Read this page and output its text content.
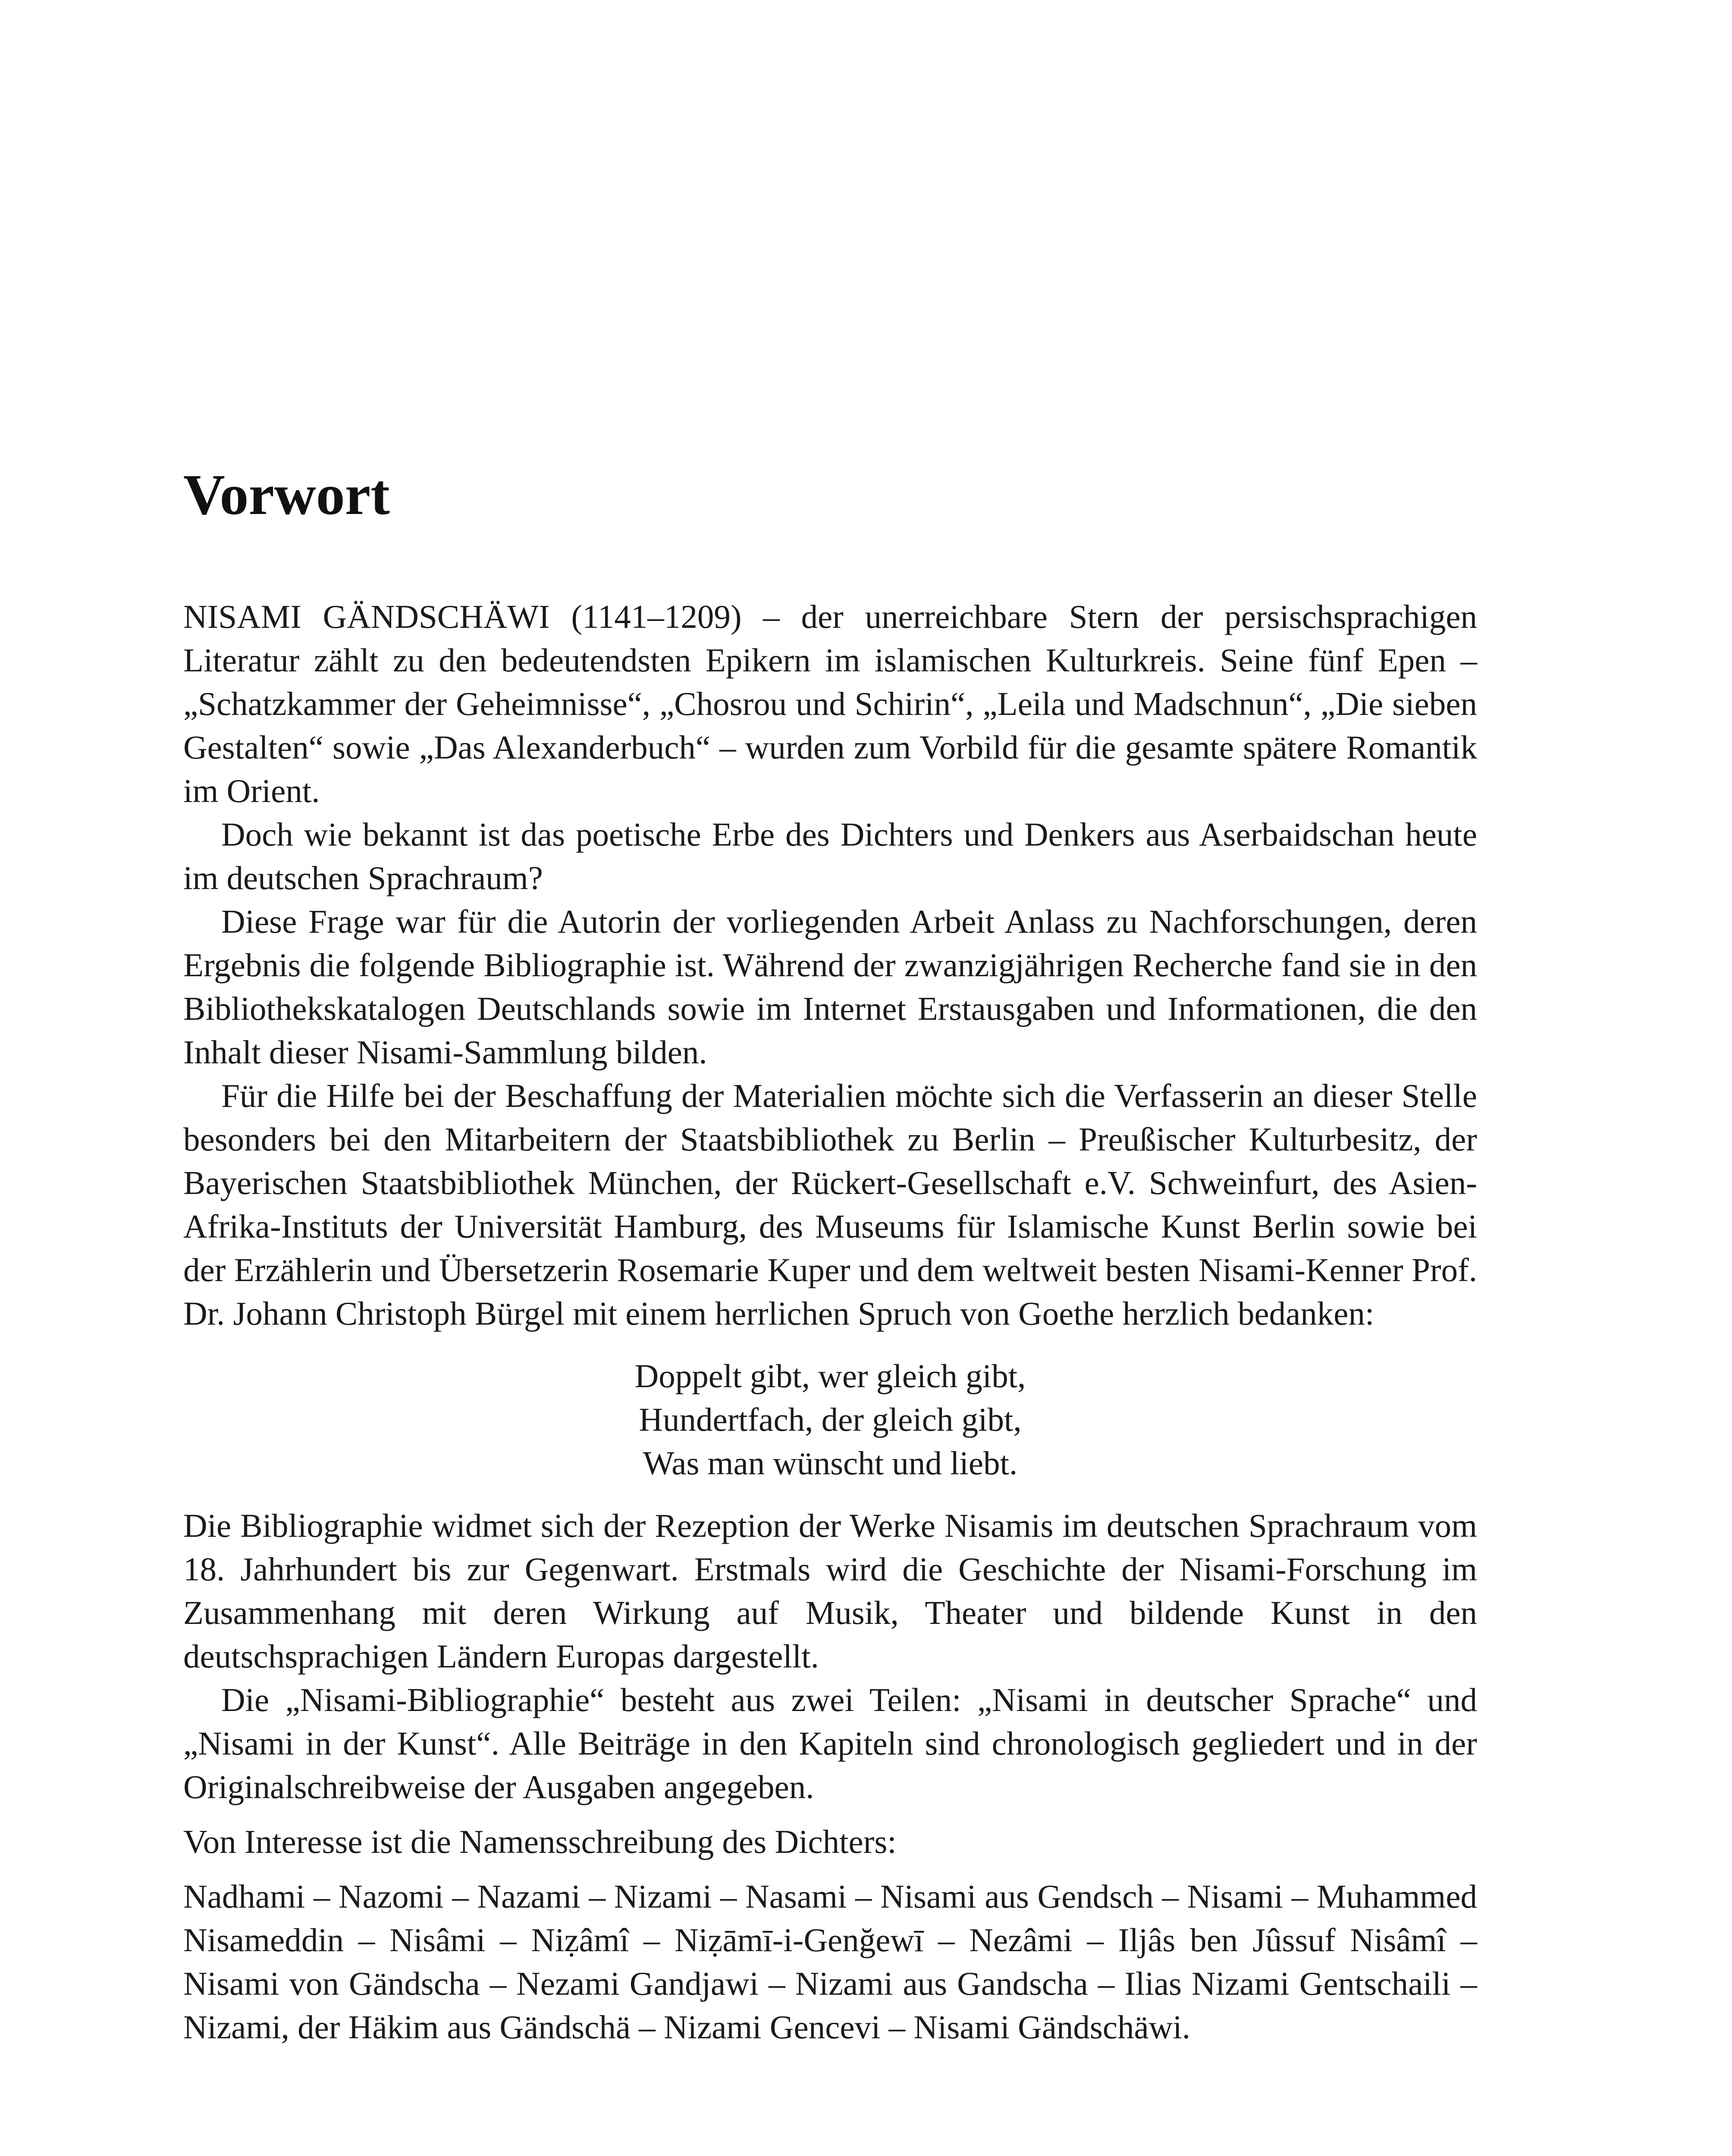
Vorwort

NISAMI GÄNDSCHÄWI (1141–1209) – der unerreichbare Stern der persischsprachigen Literatur zählt zu den bedeutendsten Epikern im islamischen Kulturkreis. Seine fünf Epen – „Schatzkammer der Geheimnisse“, „Chosrou und Schirin“, „Leila und Madschnun“, „Die sieben Gestalten“ sowie „Das Alexanderbuch“ – wurden zum Vorbild für die gesamte spätere Romantik im Orient.

Doch wie bekannt ist das poetische Erbe des Dichters und Denkers aus Aserbaidschan heute im deutschen Sprachraum?

Diese Frage war für die Autorin der vorliegenden Arbeit Anlass zu Nachforschungen, deren Ergebnis die folgende Bibliographie ist. Während der zwanzigjährigen Recherche fand sie in den Bibliothekskatalogen Deutschlands sowie im Internet Erstausgaben und Informationen, die den Inhalt dieser Nisami-Sammlung bilden.

Für die Hilfe bei der Beschaffung der Materialien möchte sich die Verfasserin an dieser Stelle besonders bei den Mitarbeitern der Staatsbibliothek zu Berlin – Preußischer Kulturbesitz, der Bayerischen Staatsbibliothek München, der Rückert-Gesellschaft e.V. Schweinfurt, des Asien-Afrika-Instituts der Universität Hamburg, des Museums für Islamische Kunst Berlin sowie bei der Erzählerin und Übersetzerin Rosemarie Kuper und dem weltweit besten Nisami-Kenner Prof. Dr. Johann Christoph Bürgel mit einem herrlichen Spruch von Goethe herzlich bedanken:

Doppelt gibt, wer gleich gibt,
Hundertfach, der gleich gibt,
Was man wünscht und liebt.

Die Bibliographie widmet sich der Rezeption der Werke Nisamis im deutschen Sprachraum vom 18. Jahrhundert bis zur Gegenwart. Erstmals wird die Geschichte der Nisami-Forschung im Zusammenhang mit deren Wirkung auf Musik, Theater und bildende Kunst in den deutschsprachigen Ländern Europas dargestellt.

Die „Nisami-Bibliographie“ besteht aus zwei Teilen: „Nisami in deutscher Sprache“ und „Nisami in der Kunst“. Alle Beiträge in den Kapiteln sind chronologisch gegliedert und in der Originalschreibweise der Ausgaben angegeben.

Von Interesse ist die Namensschreibung des Dichters:

Nadhami – Nazomi – Nazami – Nizami – Nasami – Nisami aus Gendsch – Nisami – Muhammed Nisameddin – Nisâmi – Niẓâmî – Niẓāmī-i-Genğewī – Nezâmi – Iljâs ben Jûssuf Nisâmî – Nisami von Gändscha – Nezami Gandjawi – Nizami aus Gandscha – Ilias Nizami Gentschaili – Nizami, der Häkim aus Gändschä – Nizami Gencevi – Nisami Gändschäwi.
